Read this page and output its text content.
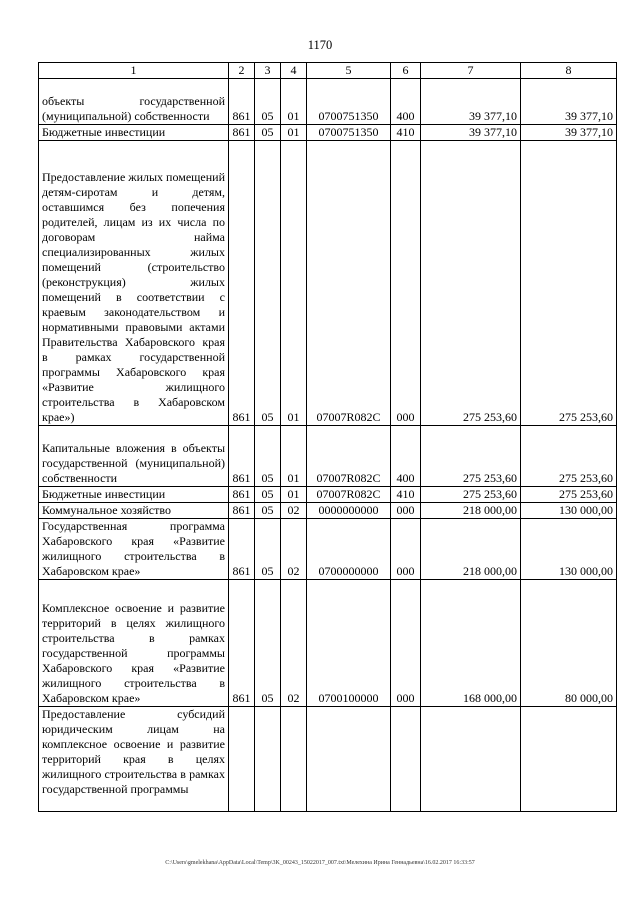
1170
1	2	3	4	5	6	7	8
объекты государственной (муниципальной) собственности	861	05	01	0700751350	400	39 377,10	39 377,10
Бюджетные инвестиции	861	05	01	0700751350	410	39 377,10	39 377,10
Предоставление жилых помещений детям-сиротам и детям, оставшимся без попечения родителей, лицам из их числа по договорам найма специализированных жилых помещений (строительство (реконструкция) жилых помещений в соответствии с краевым законодательством и нормативными правовыми актами Правительства Хабаровского края в рамках государственной программы Хабаровского края «Развитие жилищного строительства в Хабаровском крае»)	861	05	01	07007R082C	000	275 253,60	275 253,60
Капитальные вложения в объекты государственной (муниципальной) собственности	861	05	01	07007R082C	400	275 253,60	275 253,60
Бюджетные инвестиции	861	05	01	07007R082C	410	275 253,60	275 253,60
Коммунальное хозяйство	861	05	02	0000000000	000	218 000,00	130 000,00
Государственная программа Хабаровского края «Развитие жилищного строительства в Хабаровском крае»	861	05	02	0700000000	000	218 000,00	130 000,00
Комплексное освоение и развитие территорий в целях жилищного строительства в рамках государственной программы Хабаровского края «Развитие жилищного строительства в Хабаровском крае»	861	05	02	0700100000	000	168 000,00	80 000,00
Предоставление субсидий юридическим лицам на комплексное освоение и развитие территорий края в целях жилищного строительства в рамках государственной программы							
C:\Users\gmelekhana\AppData\Local\Temp\3K_00243_15022017_007.txt\Мелехина Ирина Геннадьевна\16.02.2017 16:33:57
